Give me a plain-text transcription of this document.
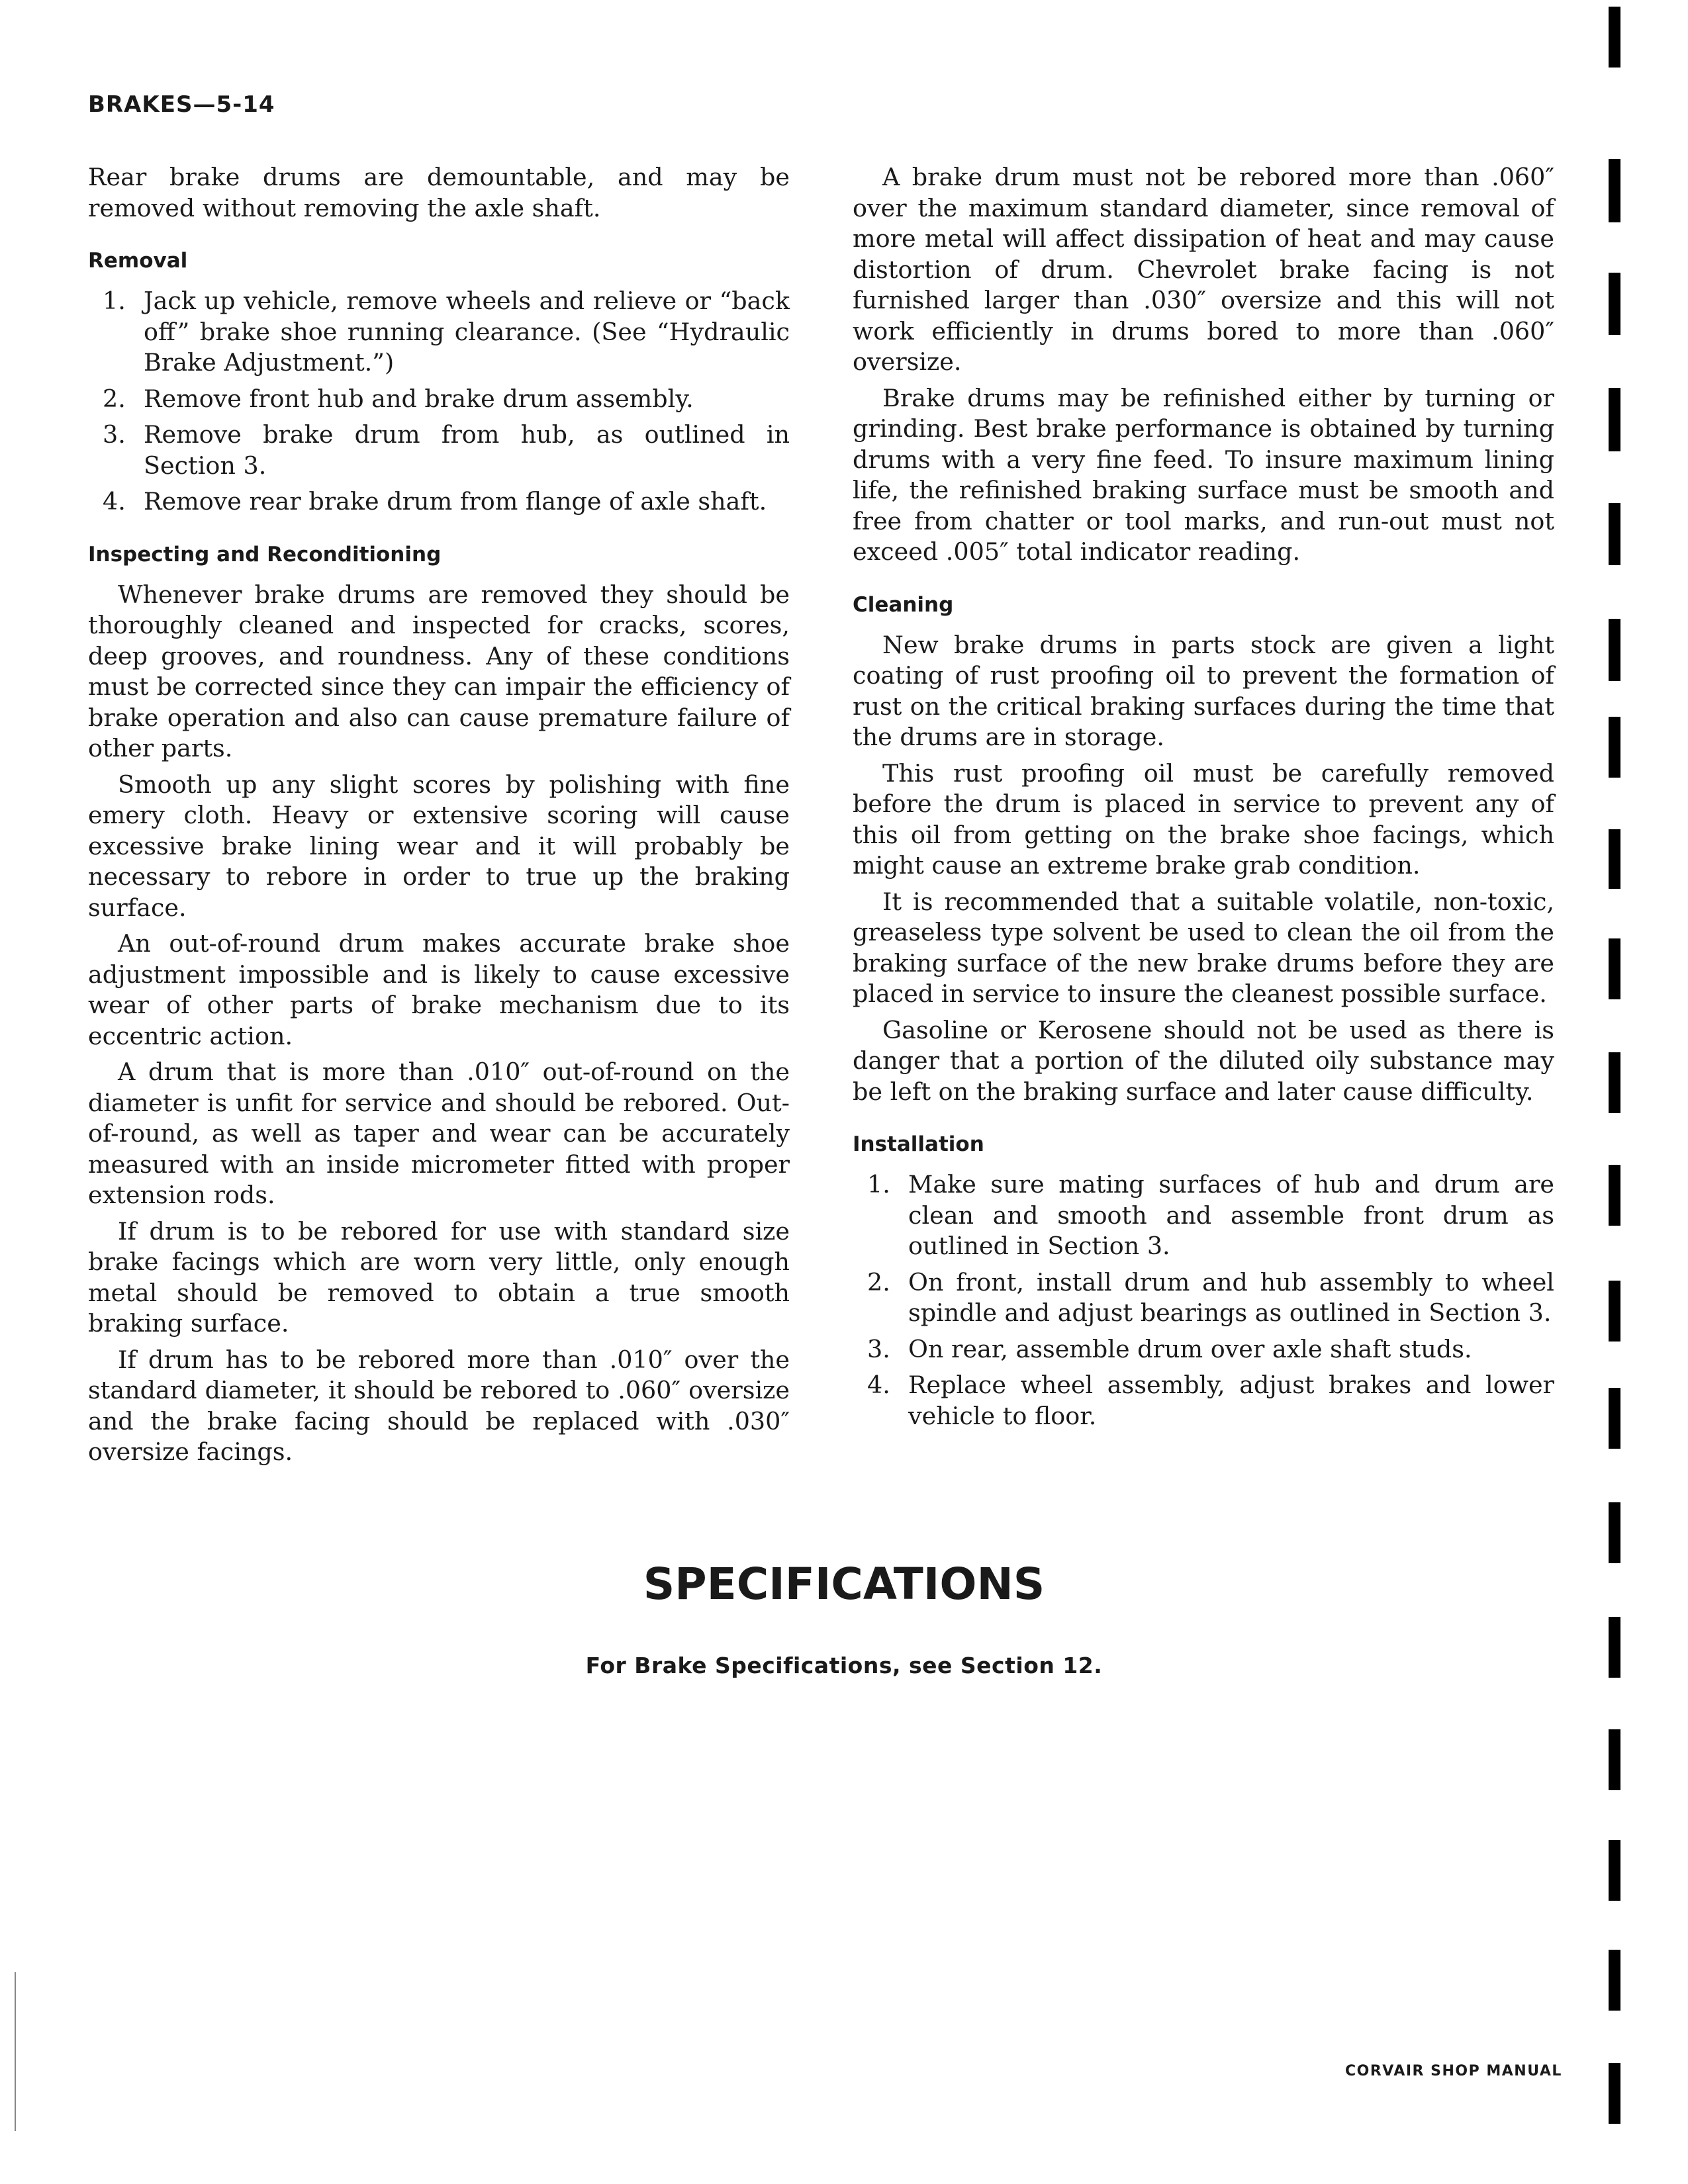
BRAKES—5-14

Rear brake drums are demountable, and may be removed without removing the axle shaft.

Removal
1. Jack up vehicle, remove wheels and relieve or “back off” brake shoe running clearance. (See “Hydraulic Brake Adjustment.”)
2. Remove front hub and brake drum assembly.
3. Remove brake drum from hub, as outlined in Section 3.
4. Remove rear brake drum from flange of axle shaft.
Inspecting and Reconditioning

Whenever brake drums are removed they should be thoroughly cleaned and inspected for cracks, scores, deep grooves, and roundness. Any of these conditions must be corrected since they can impair the efficiency of brake operation and also can cause premature failure of other parts.

Smooth up any slight scores by polishing with fine emery cloth. Heavy or extensive scoring will cause excessive brake lining wear and it will probably be necessary to rebore in order to true up the braking surface.

An out-of-round drum makes accurate brake shoe adjustment impossible and is likely to cause excessive wear of other parts of brake mechanism due to its eccentric action.

A drum that is more than .010″ out-of-round on the diameter is unfit for service and should be rebored. Out-of-round, as well as taper and wear can be accurately measured with an inside micrometer fitted with proper extension rods.

If drum is to be rebored for use with standard size brake facings which are worn very little, only enough metal should be removed to obtain a true smooth braking surface.

If drum has to be rebored more than .010″ over the standard diameter, it should be rebored to .060″ oversize and the brake facing should be replaced with .030″ oversize facings.

A brake drum must not be rebored more than .060″ over the maximum standard diameter, since removal of more metal will affect dissipation of heat and may cause distortion of drum. Chevrolet brake facing is not furnished larger than .030″ oversize and this will not work efficiently in drums bored to more than .060″ oversize.

Brake drums may be refinished either by turning or grinding. Best brake performance is obtained by turning drums with a very fine feed. To insure maximum lining life, the refinished braking surface must be smooth and free from chatter or tool marks, and run-out must not exceed .005″ total indicator reading.

Cleaning

New brake drums in parts stock are given a light coating of rust proofing oil to prevent the formation of rust on the critical braking surfaces during the time that the drums are in storage.

This rust proofing oil must be carefully removed before the drum is placed in service to prevent any of this oil from getting on the brake shoe facings, which might cause an extreme brake grab condition.

It is recommended that a suitable volatile, non-toxic, greaseless type solvent be used to clean the oil from the braking surface of the new brake drums before they are placed in service to insure the cleanest possible surface.

Gasoline or Kerosene should not be used as there is danger that a portion of the diluted oily substance may be left on the braking surface and later cause difficulty.

Installation
1. Make sure mating surfaces of hub and drum are clean and smooth and assemble front drum as outlined in Section 3.
2. On front, install drum and hub assembly to wheel spindle and adjust bearings as outlined in Section 3.
3. On rear, assemble drum over axle shaft studs.
4. Replace wheel assembly, adjust brakes and lower vehicle to floor.
SPECIFICATIONS
For Brake Specifications, see Section 12.
CORVAIR SHOP MANUAL
